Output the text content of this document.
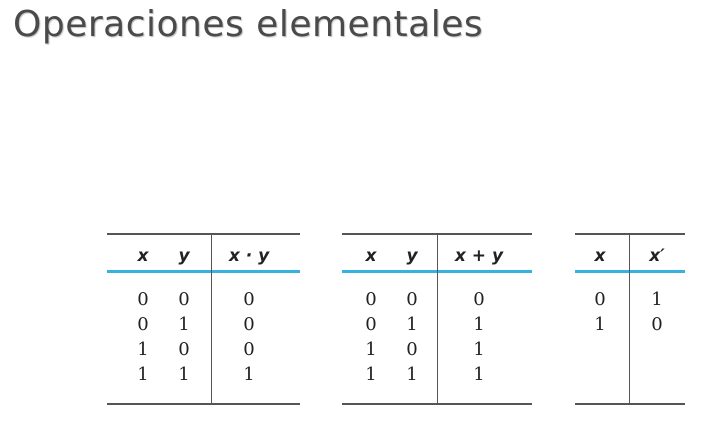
Operaciones elementales
x	y	x · y
0	0	0
0	1	0
1	0	0
1	1	1
x	y	x + y
0	0	0
0	1	1
1	0	1
1	1	1
x	x′
0	1
1	0
